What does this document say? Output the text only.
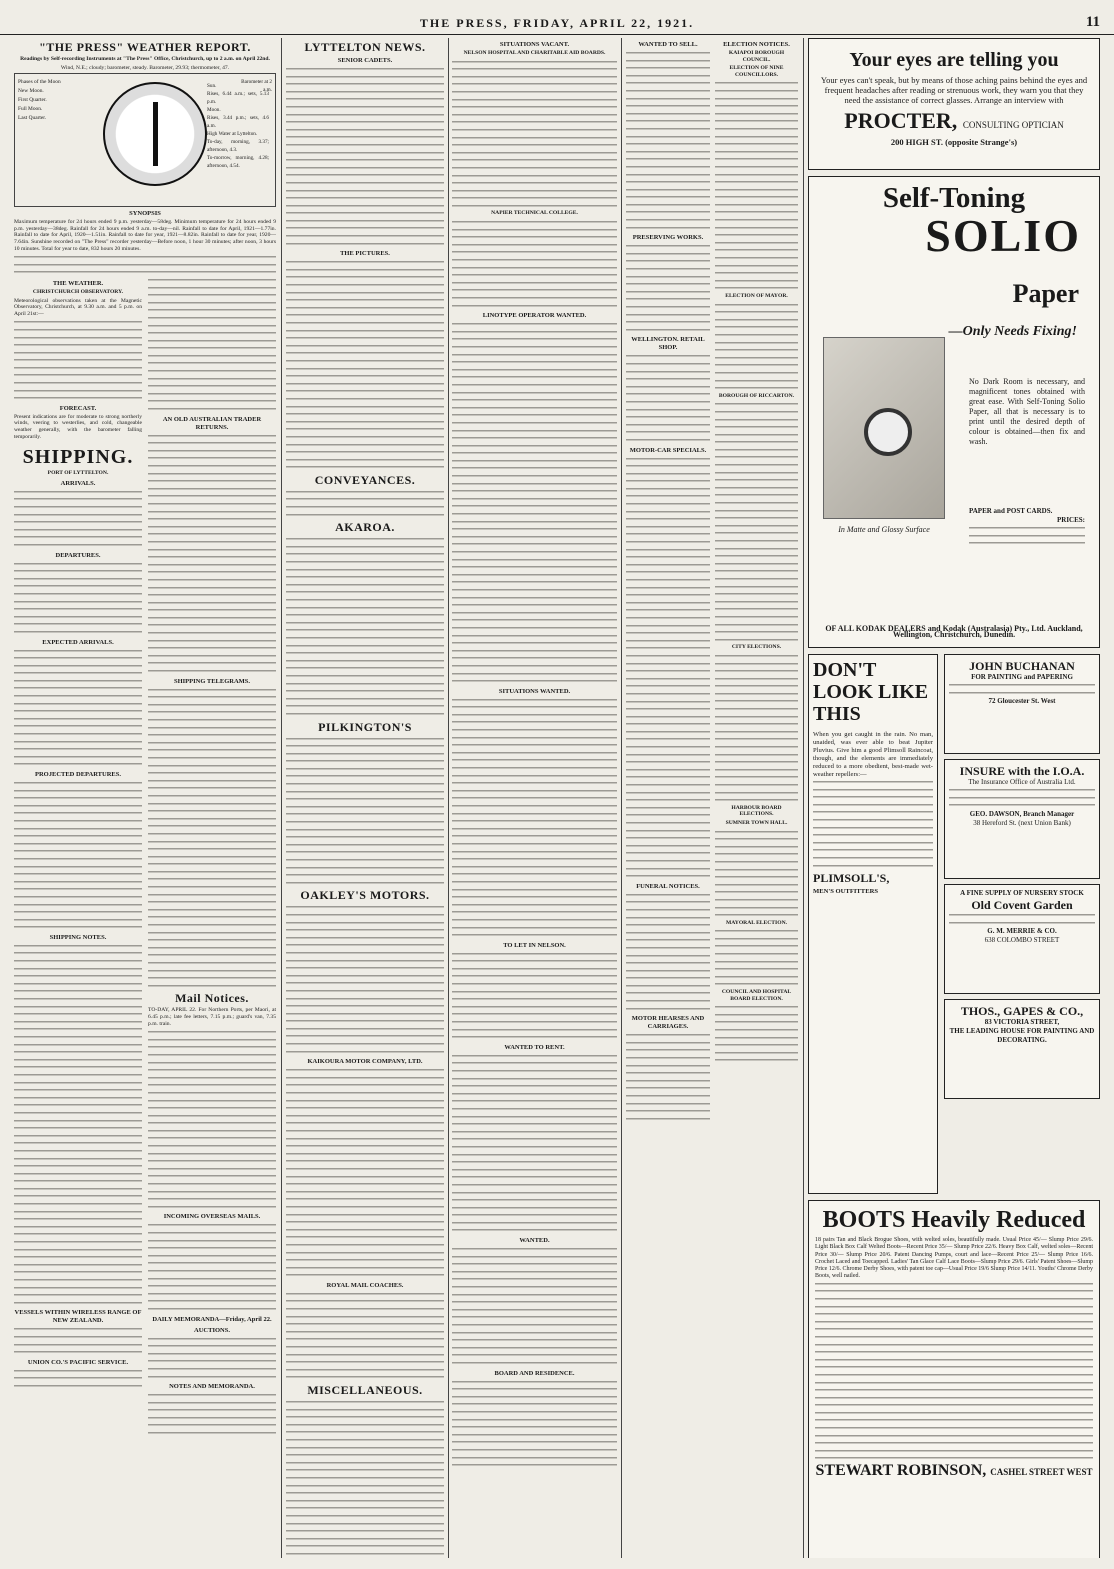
THE PRESS, FRIDAY, APRIL 22, 1921.	11
"THE PRESS" WEATHER REPORT.

Readings by Self-recording Instruments at "The Press" Office, Christchurch, up to 2 a.m. on April 22nd.

Wind, N.E.; cloudy; barometer, steady. Barometer, 29.93; thermometer, 47.

Phases of the Moon
New Moon.
First Quarter.
Full Moon.
Last Quarter.
Sun.
Rises, 6.44 a.m.; sets, 5.13 p.m.
Moon.
Rises, 3.44 p.m.; sets, 4.6 a.m.
High Water at Lyttelton.
To-day, morning, 3.37; afternoon, 4.3.
To-morrow, morning, 4.28; afternoon, 4.54.
Barometer at 2 a.m.
SYNOPSIS

Maximum temperature for 24 hours ended 9 p.m. yesterday—58deg. Minimum temperature for 24 hours ended 9 p.m. yesterday—38deg. Rainfall for 24 hours ended 9 a.m. to-day—nil. Rainfall to date for April, 1921—1.77in. Rainfall to date for April, 1920—1.51in. Rainfall to date for year, 1921—8.82in. Rainfall to date for year, 1920—7.64in. Sunshine recorded on "The Press" recorder yesterday—Before noon, 1 hour 30 minutes; after noon, 3 hours 10 minutes. Total for year to date, 832 hours 20 minutes.

THE WEATHER.

CHRISTCHURCH OBSERVATORY.

Meteorological observations taken at the Magnetic Observatory, Christchurch, at 9.30 a.m. and 5 p.m. on April 21st:—

FORECAST.

Present indications are for moderate to strong northerly winds, veering to westerlies, and cold, changeable weather generally, with the barometer falling temporarily.

SHIPPING.

PORT OF LYTTELTON.

ARRIVALS.
DEPARTURES.
EXPECTED ARRIVALS.
PROJECTED DEPARTURES.
SHIPPING NOTES.
VESSELS WITHIN WIRELESS RANGE OF NEW ZEALAND.
UNION CO.'S PACIFIC SERVICE.
AN OLD AUSTRALIAN TRADER RETURNS.
SHIPPING TELEGRAMS.
Mail Notices.

TO-DAY, APRIL 22. For Northern Ports, per Maori, at 6.45 p.m.; late fee letters, 7.15 p.m.; guard's van, 7.35 p.m. train.

INCOMING OVERSEAS MAILS.
DAILY MEMORANDA—Friday, April 22.
AUCTIONS.
NOTES AND MEMORANDA.
LYTTELTON NEWS.
SENIOR CADETS.
THE PICTURES.
CONVEYANCES.
AKAROA.
PILKINGTON'S
OAKLEY'S MOTORS.
KAIKOURA MOTOR COMPANY, LTD.
ROYAL MAIL COACHES.
MISCELLANEOUS.
SITUATIONS VACANT.

NELSON HOSPITAL AND CHARITABLE AID BOARDS.

NAPIER TECHNICAL COLLEGE.

LINOTYPE OPERATOR WANTED.
SITUATIONS WANTED.
TO LET IN NELSON.
WANTED TO RENT.
WANTED.
BOARD AND RESIDENCE.
WANTED TO SELL.
PRESERVING WORKS.
WELLINGTON. RETAIL SHOP.
MOTOR-CAR SPECIALS.
FUNERAL NOTICES.
MOTOR HEARSES AND CARRIAGES.
ELECTION NOTICES.

KAIAPOI BOROUGH COUNCIL.

ELECTION OF NINE COUNCILLORS.

ELECTION OF MAYOR.

BOROUGH OF RICCARTON.

CITY ELECTIONS.

HARBOUR BOARD ELECTIONS.

SUMNER TOWN HALL.

MAYORAL ELECTION.

COUNCIL AND HOSPITAL BOARD ELECTION.

Your eyes are telling you
Your eyes can't speak, but by means of those aching pains behind the eyes and frequent headaches after reading or strenuous work, they warn you that they need the assistance of correct glasses. Arrange an interview with
PROCTER, CONSULTING OPTICIAN
200 HIGH ST. (opposite Strange's)
Self-Toning
SOLIO
Paper
—Only Needs Fixing!
No Dark Room is necessary, and magnificent tones obtained with great ease. With Self-Toning Solio Paper, all that is necessary is to print until the desired depth of colour is obtained—then fix and wash.
In Matte and Glossy Surface
PAPER and POST CARDS.
PRICES:
OF ALL KODAK DEALERS and Kodak (Australasia) Pty., Ltd. Auckland, Wellington, Christchurch, Dunedin.
DON'T LOOK LIKE THIS
When you get caught in the rain. No man, unaided, was ever able to beat Jupiter Pluvius. Give him a good Plimsoll Raincoat, though, and the elements are immediately reduced to a more obedient, best-made wet-weather repellers:—
PLIMSOLL'S,
MEN'S OUTFITTERS
JOHN BUCHANAN
FOR PAINTING and PAPERING
72 Gloucester St. West
INSURE with the I.O.A.
The Insurance Office of Australia Ltd.
GEO. DAWSON, Branch Manager
38 Hereford St. (next Union Bank)
A FINE SUPPLY OF NURSERY STOCK
Old Covent Garden
G. M. MERRIE & CO.
638 COLOMBO STREET
THOS., GAPES & CO.,
83 VICTORIA STREET,
THE LEADING HOUSE FOR PAINTING AND DECORATING.
BOOTS Heavily Reduced
18 pairs Tan and Black Brogue Shoes, with welted soles, beautifully made. Usual Price 45/— Slump Price 29/6. Light Black Box Calf Welted Boots—Recent Price 35/— Slump Price 22/6. Heavy Box Calf, welted soles—Recent Price 30/— Slump Price 20/6. Patent Dancing Pumps, court and lace—Recent Price 25/— Slump Price 16/6. Crochet Laced and Toecapped. Ladies' Tan Glace Calf Lace Boots—Slump Price 29/6. Girls' Patent Shoes—Slump Price 12/6. Chrome Derby Shoes, with patent toe cap—Usual Price 19/6 Slump Price 14/11. Youths' Chrome Derby Boots, well nailed.
STEWART ROBINSON, CASHEL STREET WEST
